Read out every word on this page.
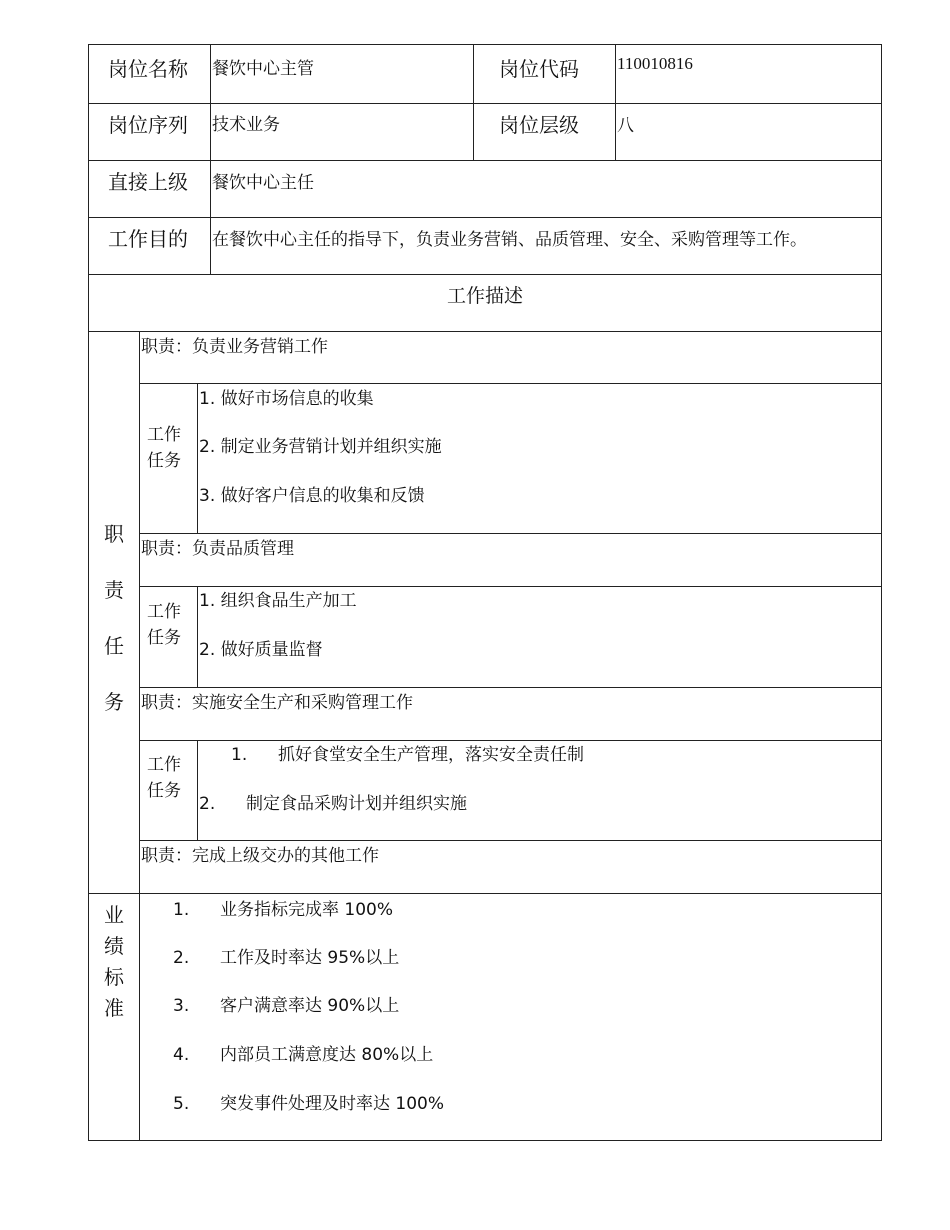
岗位名称 餐饮中心主管	岗位代码 110010816
岗位序列 技术业务	岗位层级 八
直接上级 餐饮中心主任
工作目的 在餐饮中心主任的指导下，负责业务营销、品质管理、安全、采购管理等工作。
工作描述
职
责
任
务
职责：负责业务营销工作
工作
任务
1. 做好市场信息的收集
2. 制定业务营销计划并组织实施
3. 做好客户信息的收集和反馈
职责：负责品质管理
工作
任务
1. 组织食品生产加工
2. 做好质量监督
职责：实施安全生产和采购管理工作
工作
任务
1. 抓好食堂安全生产管理，落实安全责任制
2. 制定食品采购计划并组织实施
职责：完成上级交办的其他工作
业
绩
标
准
1. 业务指标完成率 100%
2. 工作及时率达 95%以上
3. 客户满意率达 90%以上
4. 内部员工满意度达 80%以上
5. 突发事件处理及时率达 100%
